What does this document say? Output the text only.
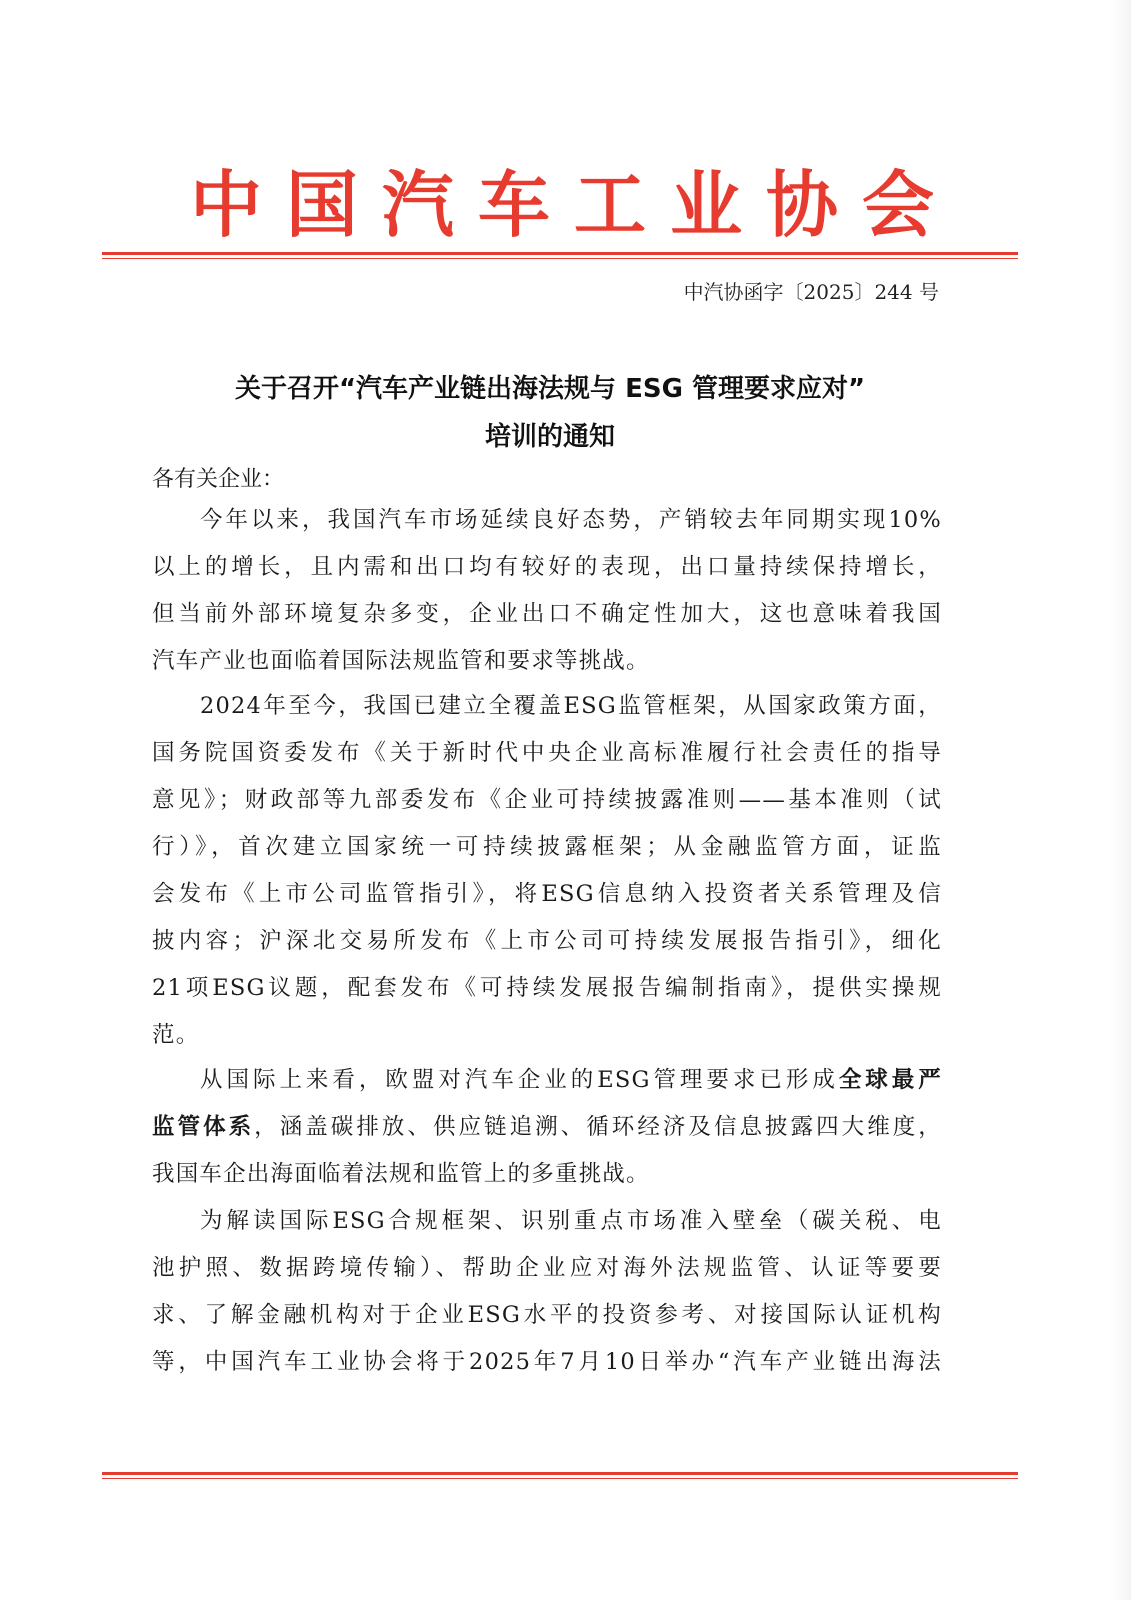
中国汽车工业协会
中汽协函字〔2025〕244 号
关于召开“汽车产业链出海法规与 ESG 管理要求应对”
培训的通知
各有关企业：
今年以来，我国汽车市场延续良好态势，产销较去年同期实现10%
以上的增长，且内需和出口均有较好的表现，出口量持续保持增长，
但当前外部环境复杂多变，企业出口不确定性加大，这也意味着我国
汽车产业也面临着国际法规监管和要求等挑战。
2024年至今，我国已建立全覆盖ESG监管框架，从国家政策方面，
国务院国资委发布《关于新时代中央企业高标准履行社会责任的指导
意见》；财政部等九部委发布《企业可持续披露准则——基本准则（试
行）》，首次建立国家统一可持续披露框架；从金融监管方面，证监
会发布《上市公司监管指引》，将ESG信息纳入投资者关系管理及信
披内容；沪深北交易所发布《上市公司可持续发展报告指引》，细化
21项ESG议题，配套发布《可持续发展报告编制指南》，提供实操规
范。
从国际上来看，欧盟对汽车企业的ESG管理要求已形成全球最严
监管体系，涵盖碳排放、供应链追溯、循环经济及信息披露四大维度，
我国车企出海面临着法规和监管上的多重挑战。
为解读国际ESG合规框架、识别重点市场准入壁垒（碳关税、电
池护照、数据跨境传输）、帮助企业应对海外法规监管、认证等要要
求、了解金融机构对于企业ESG水平的投资参考、对接国际认证机构
等，中国汽车工业协会将于2025年7月10日举办“汽车产业链出海法
